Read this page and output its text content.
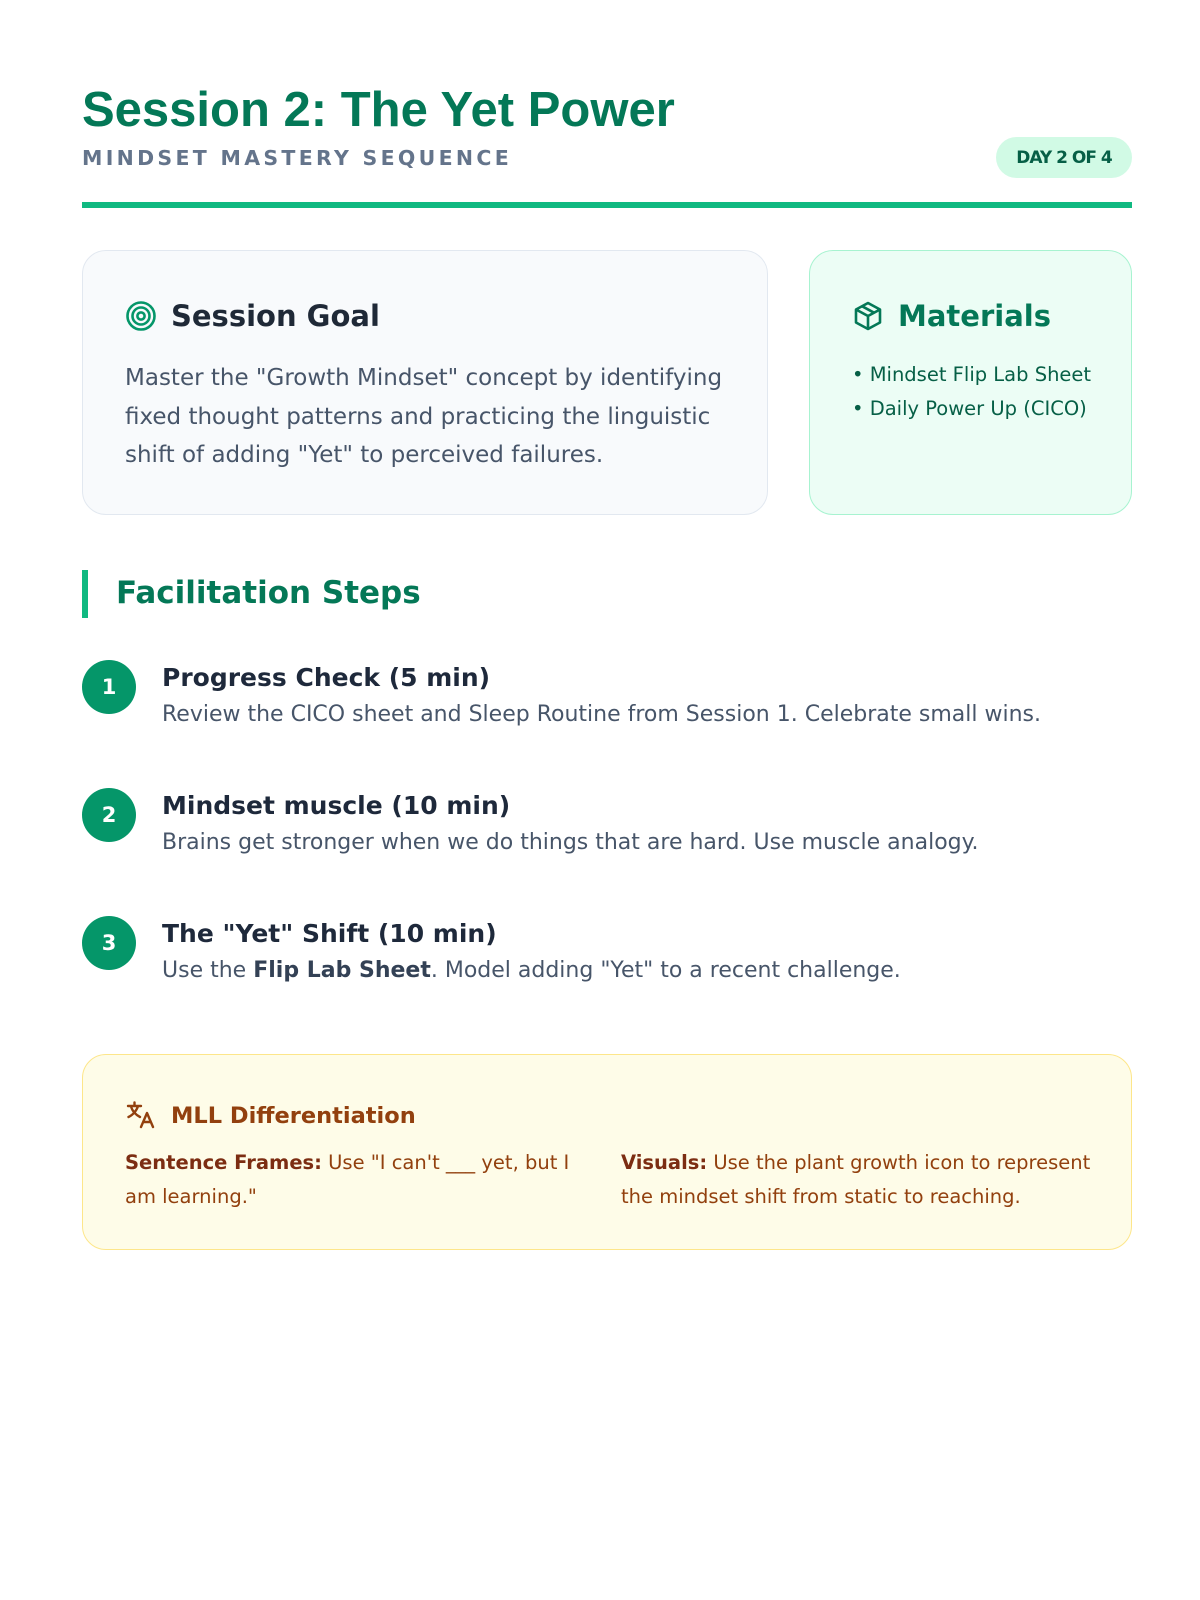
Session 2: The Yet Power
MINDSET MASTERY SEQUENCE	DAY 2 OF 4
Session Goal

Master the "Growth Mindset" concept by identifying fixed thought patterns and practicing the linguistic shift of adding "Yet" to perceived failures.

Materials
• Mindset Flip Lab Sheet
• Daily Power Up (CICO)
Facilitation Steps
1	Progress Check (5 min)
Review the CICO sheet and Sleep Routine from Session 1. Celebrate small wins.
2	Mindset muscle (10 min)
Brains get stronger when we do things that are hard. Use muscle analogy.
3	The "Yet" Shift (10 min)
Use the Flip Lab Sheet. Model adding "Yet" to a recent challenge.
MLL Differentiation
Sentence Frames: Use "I can't ___ yet, but I am learning."
Visuals: Use the plant growth icon to represent the mindset shift from static to reaching.
